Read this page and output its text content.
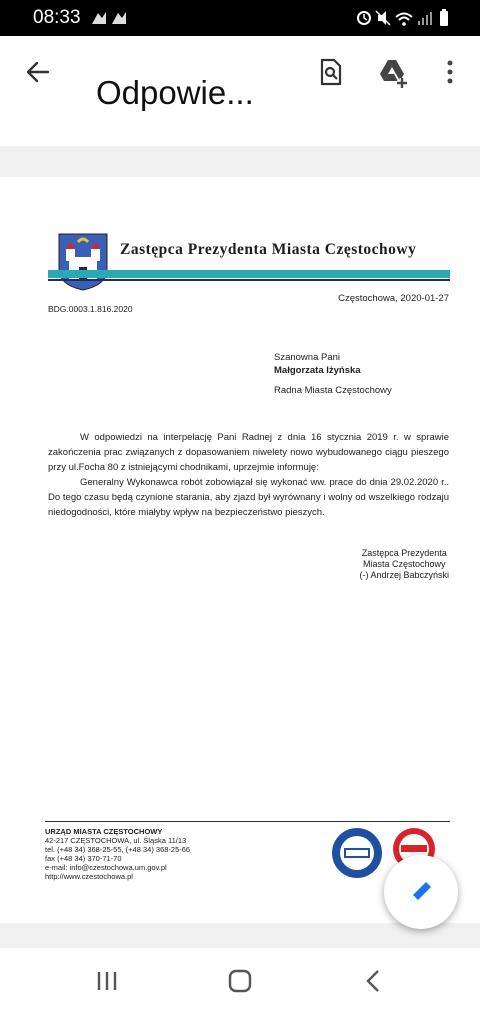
08:33
Odpowie...
Zastępca Prezydenta Miasta Częstochowy
Częstochowa, 2020-01-27
BDG.0003.1.816.2020
Szanowna Pani
Małgorzata Iżyńska
Radna Miasta Częstochowy

W odpowiedzi na interpelację Pani Radnej z dnia 16 stycznia 2019 r. w sprawie zakończenia prac związanych z dopasowaniem niwelety nowo wybudowanego ciągu pieszego przy ul.Focha 80 z istniejącymi chodnikami, uprzejmie informuję:

Generalny Wykonawca robót zobowiązał się wykonać ww. prace do dnia 29.02.2020 r.. Do tego czasu będą czynione starania, aby zjazd był wyrównany i wolny od wszelkiego rodzaju niedogodności, które miałyby wpływ na bezpieczeństwo pieszych.

Zastępca Prezydenta
Miasta Częstochowy
(-) Andrzej Babczyński
URZĄD MIASTA CZĘSTOCHOWY
42-217 CZĘSTOCHOWA, ul. Śląska 11/13
tel. (+48 34) 368-25-55, (+48 34) 368-25-66
fax (+48 34) 370-71-70
e-mail: info@czestochowa.um.gov.pl
http://www.czestochowa.pl
